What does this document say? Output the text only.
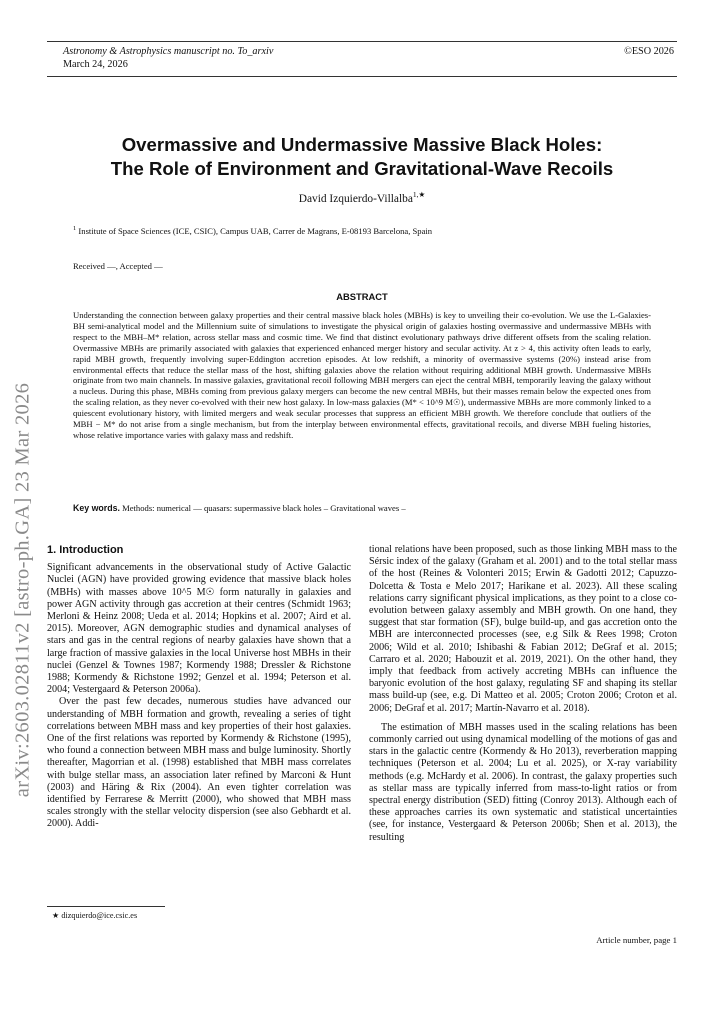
Astronomy & Astrophysics manuscript no. To_arxiv
March 24, 2026
©ESO 2026
Overmassive and Undermassive Massive Black Holes:
The Role of Environment and Gravitational-Wave Recoils
David Izquierdo-Villalba$^{1,★}$
$^1$ Institute of Space Sciences (ICE, CSIC), Campus UAB, Carrer de Magrans, E-08193 Barcelona, Spain
Received —, Accepted —
ABSTRACT
Understanding the connection between galaxy properties and their central massive black holes (MBHs) is key to unveiling their co-evolution. We use the L-Galaxies-BH semi-analytical model and the Millennium suite of simulations to investigate the physical origin of galaxies hosting overmassive and undermassive MBHs with respect to the MBH–M* relation, across stellar mass and cosmic time. We find that distinct evolutionary pathways drive different offsets from the scaling relation. Overmassive MBHs are primarily associated with galaxies that experienced enhanced merger history and secular activity. At z > 4, this activity often leads to early, rapid MBH growth, frequently involving super-Eddington accretion episodes. At low redshift, a minority of overmassive systems (20%) instead arise from environmental effects that reduce the stellar mass of the host, shifting galaxies above the relation without requiring additional MBH growth. Undermassive MBHs originate from two main channels. In massive galaxies, gravitational recoil following MBH mergers can eject the central MBH, temporarily leaving the galaxy without a nucleus. During this phase, MBHs coming from previous galaxy mergers can become the new central MBHs, but their masses remain below the expected ones from the scaling relation, as they never co-evolved with their new host galaxy. In low-mass galaxies (M* < 10^9 M☉), undermassive MBHs are more commonly linked to a quiescent evolutionary history, with limited mergers and weak secular processes that suppress an efficient MBH growth. We therefore conclude that outliers of the MBH − M* do not arise from a single mechanism, but from the interplay between environmental effects, gravitational recoils, and diverse MBH fueling histories, whose relative importance varies with galaxy mass and redshift.
Key words. Methods: numerical — quasars: supermassive black holes – Gravitational waves –
arXiv:2603.02811v2 [astro-ph.GA] 23 Mar 2026 1. Introduction

Significant advancements in the observational study of Active Galactic Nuclei (AGN) have provided growing evidence that massive black holes (MBHs) with masses above 10^5 M☉ form naturally in galaxies and power AGN activity through gas accretion at their centres (Schmidt 1963; Merloni & Heinz 2008; Ueda et al. 2014; Hopkins et al. 2007; Aird et al. 2015). Moreover, AGN demographic studies and dynamical analyses of stars and gas in the central regions of nearby galaxies have shown that a large fraction of massive galaxies in the local Universe host MBHs in their nuclei (Genzel & Townes 1987; Kormendy 1988; Dressler & Richstone 1988; Kormendy & Richstone 1992; Genzel et al. 1994; Peterson et al. 2004; Vestergaard & Peterson 2006a).

Over the past few decades, numerous studies have advanced our understanding of MBH formation and growth, revealing a series of tight correlations between MBH mass and key properties of their host galaxies. One of the first relations was reported by Kormendy & Richstone (1995), who found a connection between MBH mass and bulge luminosity. Shortly thereafter, Magorrian et al. (1998) established that MBH mass correlates with bulge stellar mass, an association later refined by Marconi & Hunt (2003) and Häring & Rix (2004). An even tighter correlation was identified by Ferrarese & Merritt (2000), who showed that MBH mass scales strongly with the stellar velocity dispersion (see also Gebhardt et al. 2000). Addi-

tional relations have been proposed, such as those linking MBH mass to the Sérsic index of the galaxy (Graham et al. 2001) and to the total stellar mass of the host (Reines & Volonteri 2015; Erwin & Gadotti 2012; Capuzzo-Dolcetta & Tosta e Melo 2017; Harikane et al. 2023). All these scaling relations carry significant physical implications, as they point to a close co-evolution between galaxy assembly and MBH growth. On one hand, they suggest that star formation (SF), bulge build-up, and gas accretion onto the MBH are interconnected processes (see, e.g Silk & Rees 1998; Croton 2006; Wild et al. 2010; Ishibashi & Fabian 2012; DeGraf et al. 2015; Carraro et al. 2020; Habouzit et al. 2019, 2021). On the other hand, they imply that feedback from actively accreting MBHs can influence the baryonic evolution of the host galaxy, regulating SF and shaping its stellar mass build-up (see, e.g. Di Matteo et al. 2005; Croton 2006; Croton et al. 2006; DeGraf et al. 2017; Martín-Navarro et al. 2018).

The estimation of MBH masses used in the scaling relations has been commonly carried out using dynamical modelling of the motions of gas and stars in the galactic centre (Kormendy & Ho 2013), reverberation mapping techniques (Peterson et al. 2004; Lu et al. 2025), or X-ray variability methods (e.g. McHardy et al. 2006). In contrast, the galaxy properties such as stellar mass are typically inferred from mass-to-light ratios or from spectral energy distribution (SED) fitting (Conroy 2013). Although each of these approaches carries its own systematic and statistical uncertainties (see, for instance, Vestergaard & Peterson 2006b; Shen et al. 2013), the resulting

★ dizquierdo@ice.csic.es
Article number, page 1
